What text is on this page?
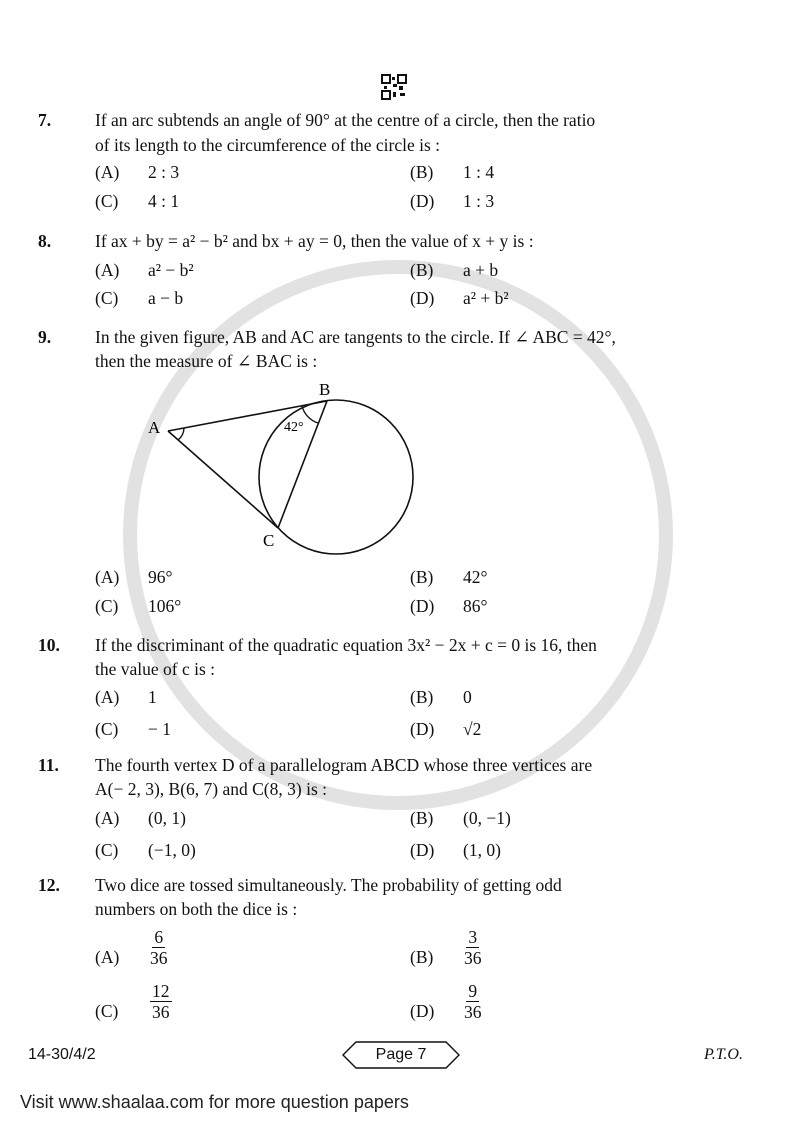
7.	If an arc subtends an angle of 90° at the centre of a circle, then the ratio
of its length to the circumference of the circle is :
(A) 2 : 3	(B) 1 : 4
(C) 4 : 1	(D) 1 : 3
8.	If ax + by = a² − b² and bx + ay = 0, then the value of x + y is :
(A) a² − b²	(B) a + b
(C) a − b	(D) a² + b²
9.	In the given figure, AB and AC are tangents to the circle. If ∠ ABC = 42°,
then the measure of ∠ BAC is :
(A) 96°	(B) 42°
(C) 106°	(D) 86°
10. If the discriminant of the quadratic equation 3x² − 2x + c = 0 is 16, then
the value of c is :
(A) 1	(B) 0
(C) − 1	(D) √2
11. The fourth vertex D of a parallelogram ABCD whose three vertices are
A(− 2, 3), B(6, 7) and C(8, 3) is :
(A) (0, 1)	(B) (0, −1)
(C) (−1, 0)	(D) (1, 0)
12. Two dice are tossed simultaneously. The probability of getting odd
numbers on both the dice is :
$(A) \frac{6}{36}$	$(B) \frac{3}{36}$
$(C) \frac{12}{36}$	$(D) \frac{9}{36}$
A
B
C
42°
14-30/4/2	Page 7	P.T.O.
Visit www.shaalaa.com for more question papers
